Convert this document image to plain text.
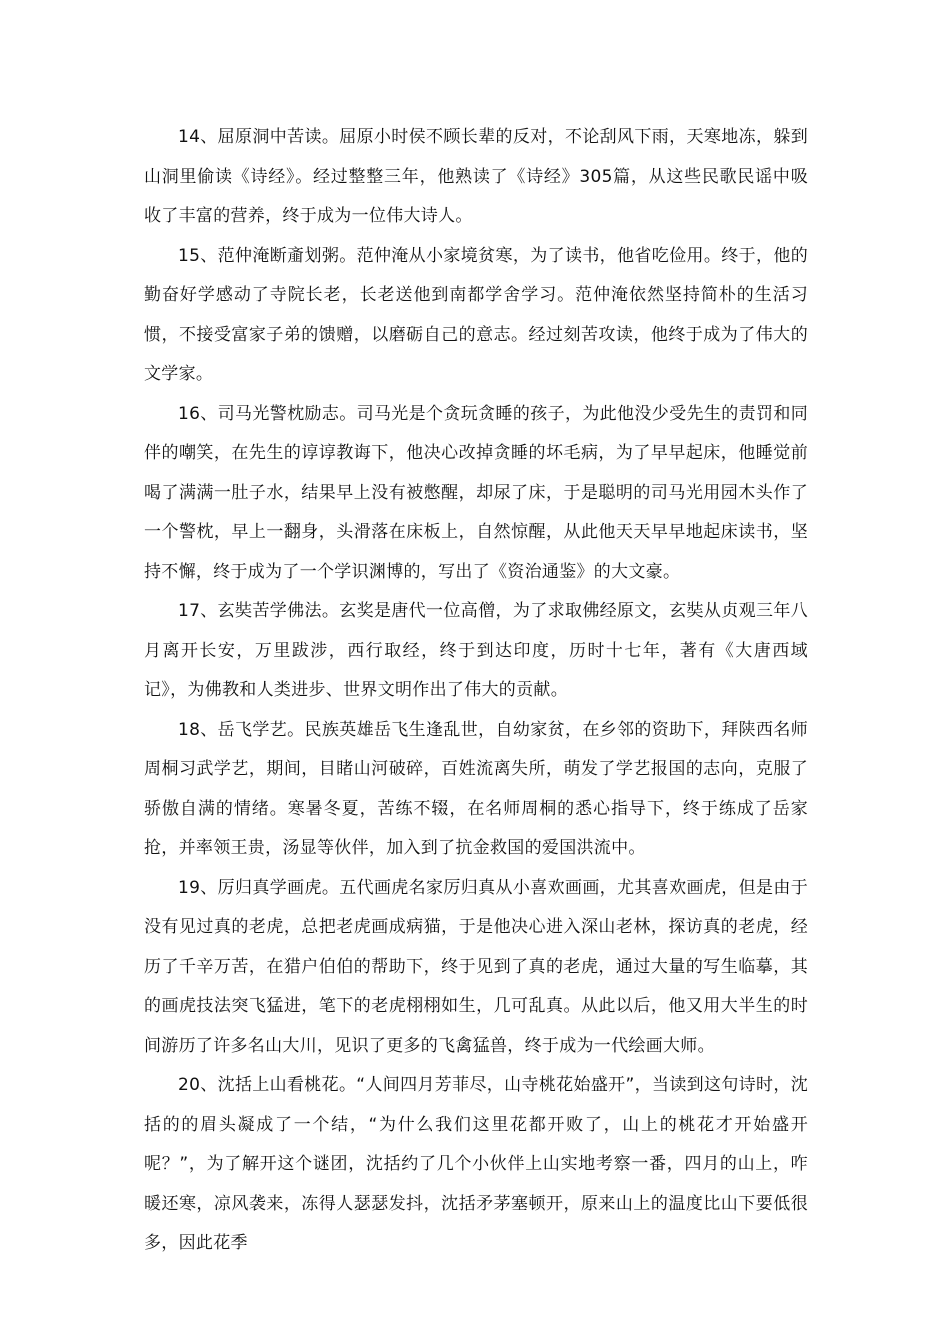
14、屈原洞中苦读。屈原小时侯不顾长辈的反对，不论刮风下雨，天寒地冻，躲到山洞里偷读《诗经》。经过整整三年，他熟读了《诗经》305篇，从这些民歌民谣中吸收了丰富的营养，终于成为一位伟大诗人。

15、范仲淹断齑划粥。范仲淹从小家境贫寒，为了读书，他省吃俭用。终于，他的勤奋好学感动了寺院长老，长老送他到南都学舍学习。范仲淹依然坚持简朴的生活习惯，不接受富家子弟的馈赠，以磨砺自己的意志。经过刻苦攻读，他终于成为了伟大的文学家。

16、司马光警枕励志。司马光是个贪玩贪睡的孩子，为此他没少受先生的责罚和同伴的嘲笑，在先生的谆谆教诲下，他决心改掉贪睡的坏毛病，为了早早起床，他睡觉前喝了满满一肚子水，结果早上没有被憋醒，却尿了床，于是聪明的司马光用园木头作了一个警枕，早上一翻身，头滑落在床板上，自然惊醒，从此他天天早早地起床读书，坚持不懈，终于成为了一个学识渊博的，写出了《资治通鉴》的大文豪。

17、玄奘苦学佛法。玄奖是唐代一位高僧，为了求取佛经原文，玄奘从贞观三年八月离开长安，万里跋涉，西行取经，终于到达印度，历时十七年，著有《大唐西域记》，为佛教和人类进步、世界文明作出了伟大的贡献。

18、岳飞学艺。民族英雄岳飞生逢乱世，自幼家贫，在乡邻的资助下，拜陕西名师周桐习武学艺，期间，目睹山河破碎，百姓流离失所，萌发了学艺报国的志向，克服了骄傲自满的情绪。寒暑冬夏，苦练不辍，在名师周桐的悉心指导下，终于练成了岳家抢，并率领王贵，汤显等伙伴，加入到了抗金救国的爱国洪流中。

19、厉归真学画虎。五代画虎名家厉归真从小喜欢画画，尤其喜欢画虎，但是由于没有见过真的老虎，总把老虎画成病猫，于是他决心进入深山老林，探访真的老虎，经历了千辛万苦，在猎户伯伯的帮助下，终于见到了真的老虎，通过大量的写生临摹，其的画虎技法突飞猛进，笔下的老虎栩栩如生，几可乱真。从此以后，他又用大半生的时间游历了许多名山大川，见识了更多的飞禽猛兽，终于成为一代绘画大师。

20、沈括上山看桃花。“人间四月芳菲尽，山寺桃花始盛开”，当读到这句诗时，沈括的的眉头凝成了一个结，“为什么我们这里花都开败了，山上的桃花才开始盛开呢？”，为了解开这个谜团，沈括约了几个小伙伴上山实地考察一番，四月的山上，咋暖还寒，凉风袭来，冻得人瑟瑟发抖，沈括矛茅塞顿开，原来山上的温度比山下要低很多，因此花季
